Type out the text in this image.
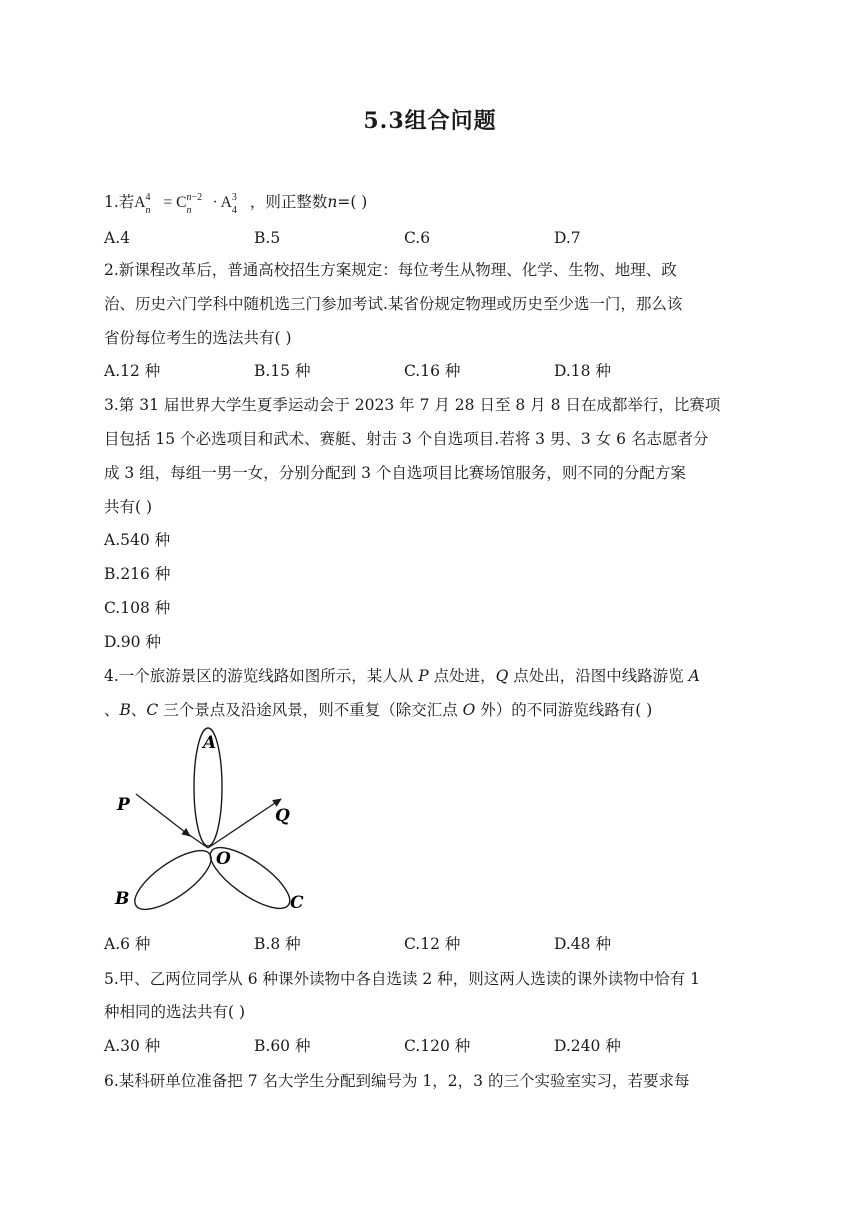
5.3组合问题
1.若A 4
n = C n−2
n · A 3
4 ，则正整数n=( )
A.4	B.5	C.6	D.7
2.新课程改革后，普通高校招生方案规定：每位考生从物理、化学、生物、地理、政
治、历史六门学科中随机选三门参加考试.某省份规定物理或历史至少选一门，那么该
省份每位考生的选法共有( )
A.12 种	B.15 种	C.16 种	D.18 种
3.第 31 届世界大学生夏季运动会于 2023 年 7 月 28 日至 8 月 8 日在成都举行，比赛项
目包括 15 个必选项目和武术、赛艇、射击 3 个自选项目.若将 3 男、3 女 6 名志愿者分
成 3 组，每组一男一女，分别分配到 3 个自选项目比赛场馆服务，则不同的分配方案
共有( )
A.540 种
B.216 种
C.108 种
D.90 种
4.一个旅游景区的游览线路如图所示，某人从 P 点处进，Q 点处出，沿图中线路游览 A
、B、C 三个景点及沿途风景，则不重复（除交汇点 O 外）的不同游览线路有( )
A
P
Q
O
B	C
A.6 种	B.8 种	C.12 种	D.48 种
5.甲、乙两位同学从 6 种课外读物中各自选读 2 种，则这两人选读的课外读物中恰有 1
种相同的选法共有( )
A.30 种	B.60 种	C.120 种	D.240 种
6.某科研单位准备把 7 名大学生分配到编号为 1，2，3 的三个实验室实习，若要求每
